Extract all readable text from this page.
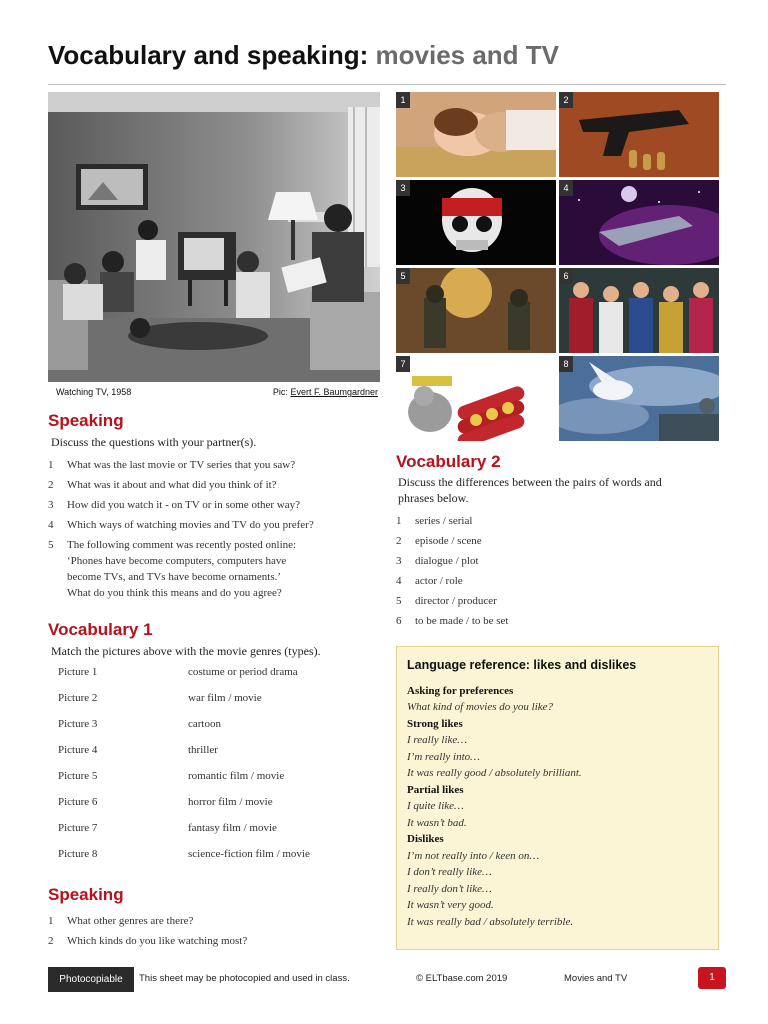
Vocabulary and speaking: movies and TV
Watching TV, 1958	Pic: Evert F. Baumgardner
1	2
3	4
5	6
7	8
Speaking
Discuss the questions with your partner(s).
1 What was the last movie or TV series that you saw?
2 What was it about and what did you think of it?
3 How did you watch it - on TV or in some other way?
4 Which ways of watching movies and TV do you prefer?
5 The following comment was recently posted online:
‘Phones have become computers, computers have
become TVs, and TVs have become ornaments.’
What do you think this means and do you agree?
Vocabulary 1
Match the pictures above with the movie genres (types).
Picture 1	costume or period drama
Picture 2	war film / movie
Picture 3	cartoon
Picture 4	thriller
Picture 5	romantic film / movie
Picture 6	horror film / movie
Picture 7	fantasy film / movie
Picture 8	science-fiction film / movie
Speaking
1 What other genres are there?
2 Which kinds do you like watching most?
Vocabulary 2
Discuss the differences between the pairs of words and
phrases below.
1 series / serial
2 episode / scene
3 dialogue / plot
4 actor / role
5 director / producer
6 to be made / to be set
Language reference: likes and dislikes
Asking for preferences
What kind of movies do you like?
Strong likes
I really like…
I’m really into…
It was really good / absolutely brilliant.
Partial likes
I quite like…
It wasn’t bad.
Dislikes
I’m not really into / keen on…
I don’t really like…
I really don’t like…
It wasn’t very good.
It was really bad / absolutely terrible.
Photocopiable	This sheet may be photocopied and used in class.	© ELTbase.com 2019	Movies and TV	1
